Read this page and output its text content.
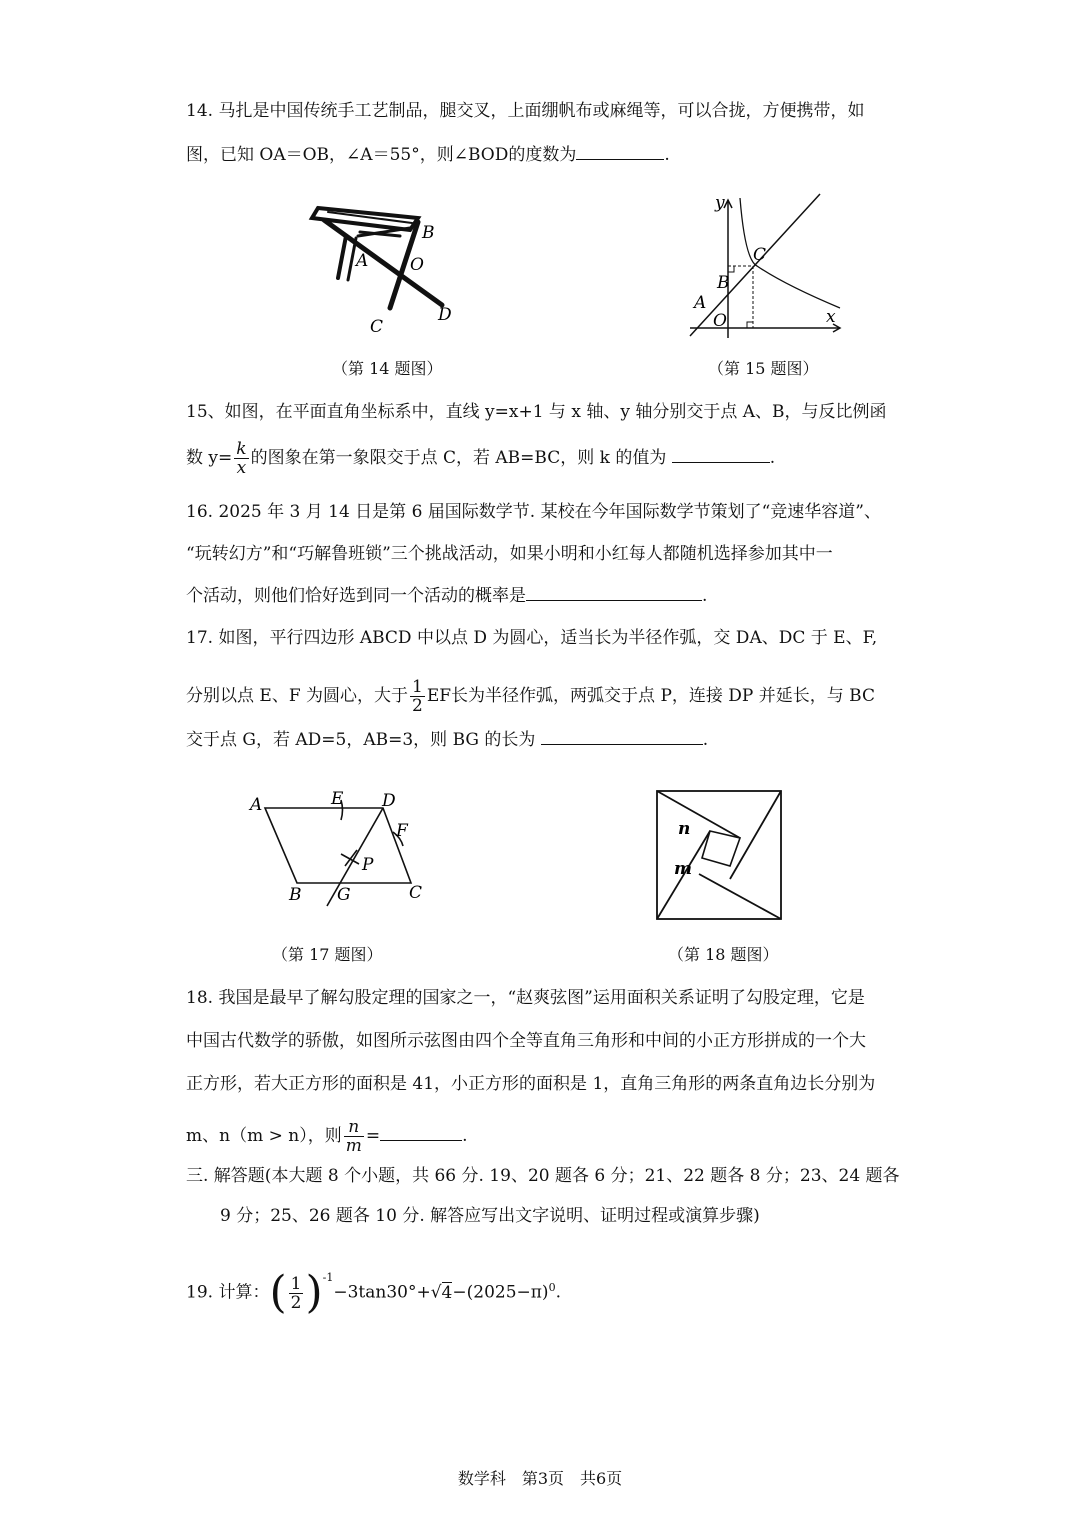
14. 马扎是中国传统手工艺制品，腿交叉，上面绷帆布或麻绳等，可以合拢，方便携带，如
图，已知 OA＝OB，∠A＝55°，则∠BOD的度数为	.
A
B
O
C
D
（第 14 题图）
y
x
C
B
A
O
（第 15 题图）
15、如图，在平面直角坐标系中，直线 y=x+1 与 x 轴、y 轴分别交于点 A、B，与反比例函
数 $y= \frac{k}{x}$ 的图象在第一象限交于点 C，若 AB=BC，则 k 的值为	.
16. 2025 年 3 月 14 日是第 6 届国际数学节. 某校在今年国际数学节策划了“竞速华容道”、
“玩转幻方”和“巧解鲁班锁”三个挑战活动，如果小明和小红每人都随机选择参加其中一
个活动，则他们恰好选到同一个活动的概率是	.
17. 如图，平行四边形 ABCD 中以点 D 为圆心，适当长为半径作弧，交 DA、DC 于 E、F,
分别以点 E、F 为圆心，大于 $\frac{1}{2}$ EF长为半径作弧，两弧交于点 P，连接 DP 并延长，与 BC
交于点 G，若 AD=5，AB=3，则 BG 的长为	.
A	E D
F
P
B G	C
（第 17 题图）
n
m
（第 18 题图）
18. 我国是最早了解勾股定理的国家之一，“赵爽弦图”运用面积关系证明了勾股定理，它是
中国古代数学的骄傲，如图所示弦图由四个全等直角三角形和中间的小正方形拼成的一个大
正方形，若大正方形的面积是 41，小正方形的面积是 1，直角三角形的两条直角边长分别为
m、n（m > n），则 $\frac{n}{m}$ =	.
三. 解答题(本大题 8 个小题，共 66 分. 19、20 题各 6 分；21、22 题各 8 分；23、24 题各
9 分；25、26 题各 10 分. 解答应写出文字说明、证明过程或演算步骤)
19. 计算：( $\frac{1}{2} )^{-1}-3\tan 30^\circ+√4-(2025-\pi)^0$.
数学科　第3页　共6页
